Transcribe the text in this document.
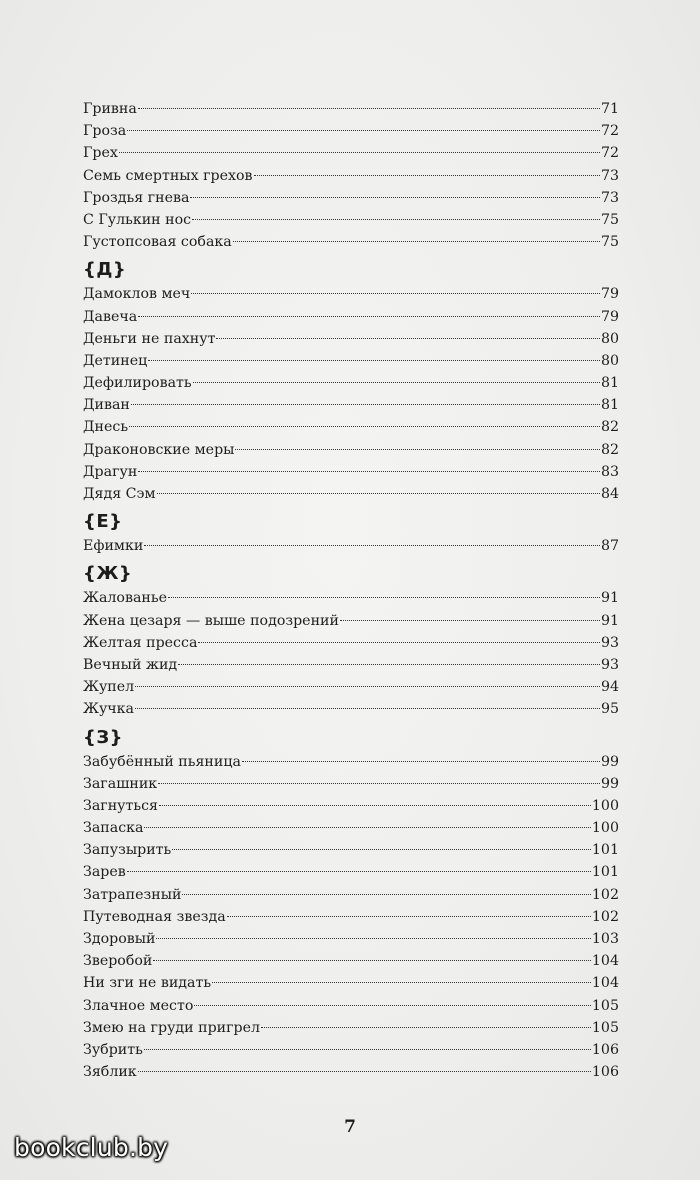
Гривна	71
Гроза	72
Грех	72
Семь смертных грехов	73
Гроздья гнева	73
С Гулькин нос	75
Густопсовая собака	75
{Д}
Дамоклов меч	79
Давеча	79
Деньги не пахнут	80
Детинец	80
Дефилировать	81
Диван	81
Днесь	82
Драконовские меры	82
Драгун	83
Дядя Сэм	84
{Е}
Ефимки	87
{Ж}
Жалованье	91
Жена цезаря — выше подозрений	91
Желтая пресса	93
Вечный жид	93
Жупел	94
Жучка	95
{З}
Забубённый пьяница	99
Загашник	99
Загнуться	100
Запаска	100
Запузырить	101
Зарев	101
Затрапезный	102
Путеводная звезда	102
Здоровый	103
Зверобой	104
Ни зги не видать	104
Злачное место	105
Змею на груди пригрел	105
Зубрить	106
Зяблик	106
7
bookclub.by
